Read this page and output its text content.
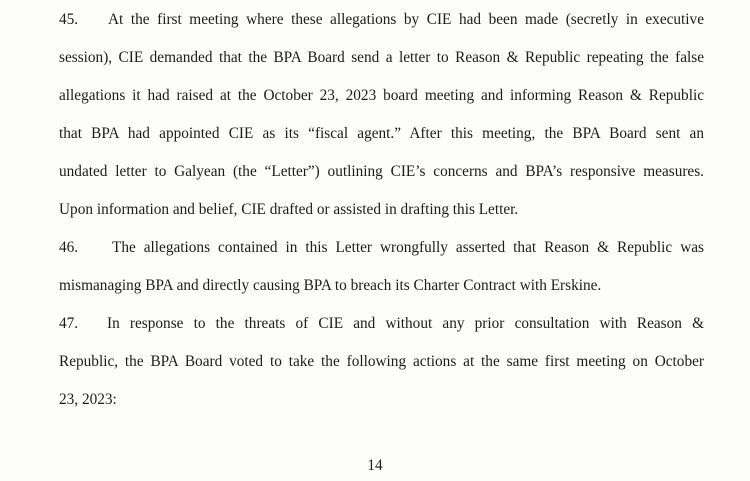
45. At the first meeting where these allegations by CIE had been made (secretly in executive
session), CIE demanded that the BPA Board send a letter to Reason & Republic repeating the false
allegations it had raised at the October 23, 2023 board meeting and informing Reason & Republic
that BPA had appointed CIE as its “fiscal agent.” After this meeting, the BPA Board sent an
undated letter to Galyean (the “Letter”) outlining CIE’s concerns and BPA’s responsive measures.
Upon information and belief, CIE drafted or assisted in drafting this Letter.
46. The allegations contained in this Letter wrongfully asserted that Reason & Republic was
mismanaging BPA and directly causing BPA to breach its Charter Contract with Erskine.
47. In response to the threats of CIE and without any prior consultation with Reason &
Republic, the BPA Board voted to take the following actions at the same first meeting on October
23, 2023:
14
